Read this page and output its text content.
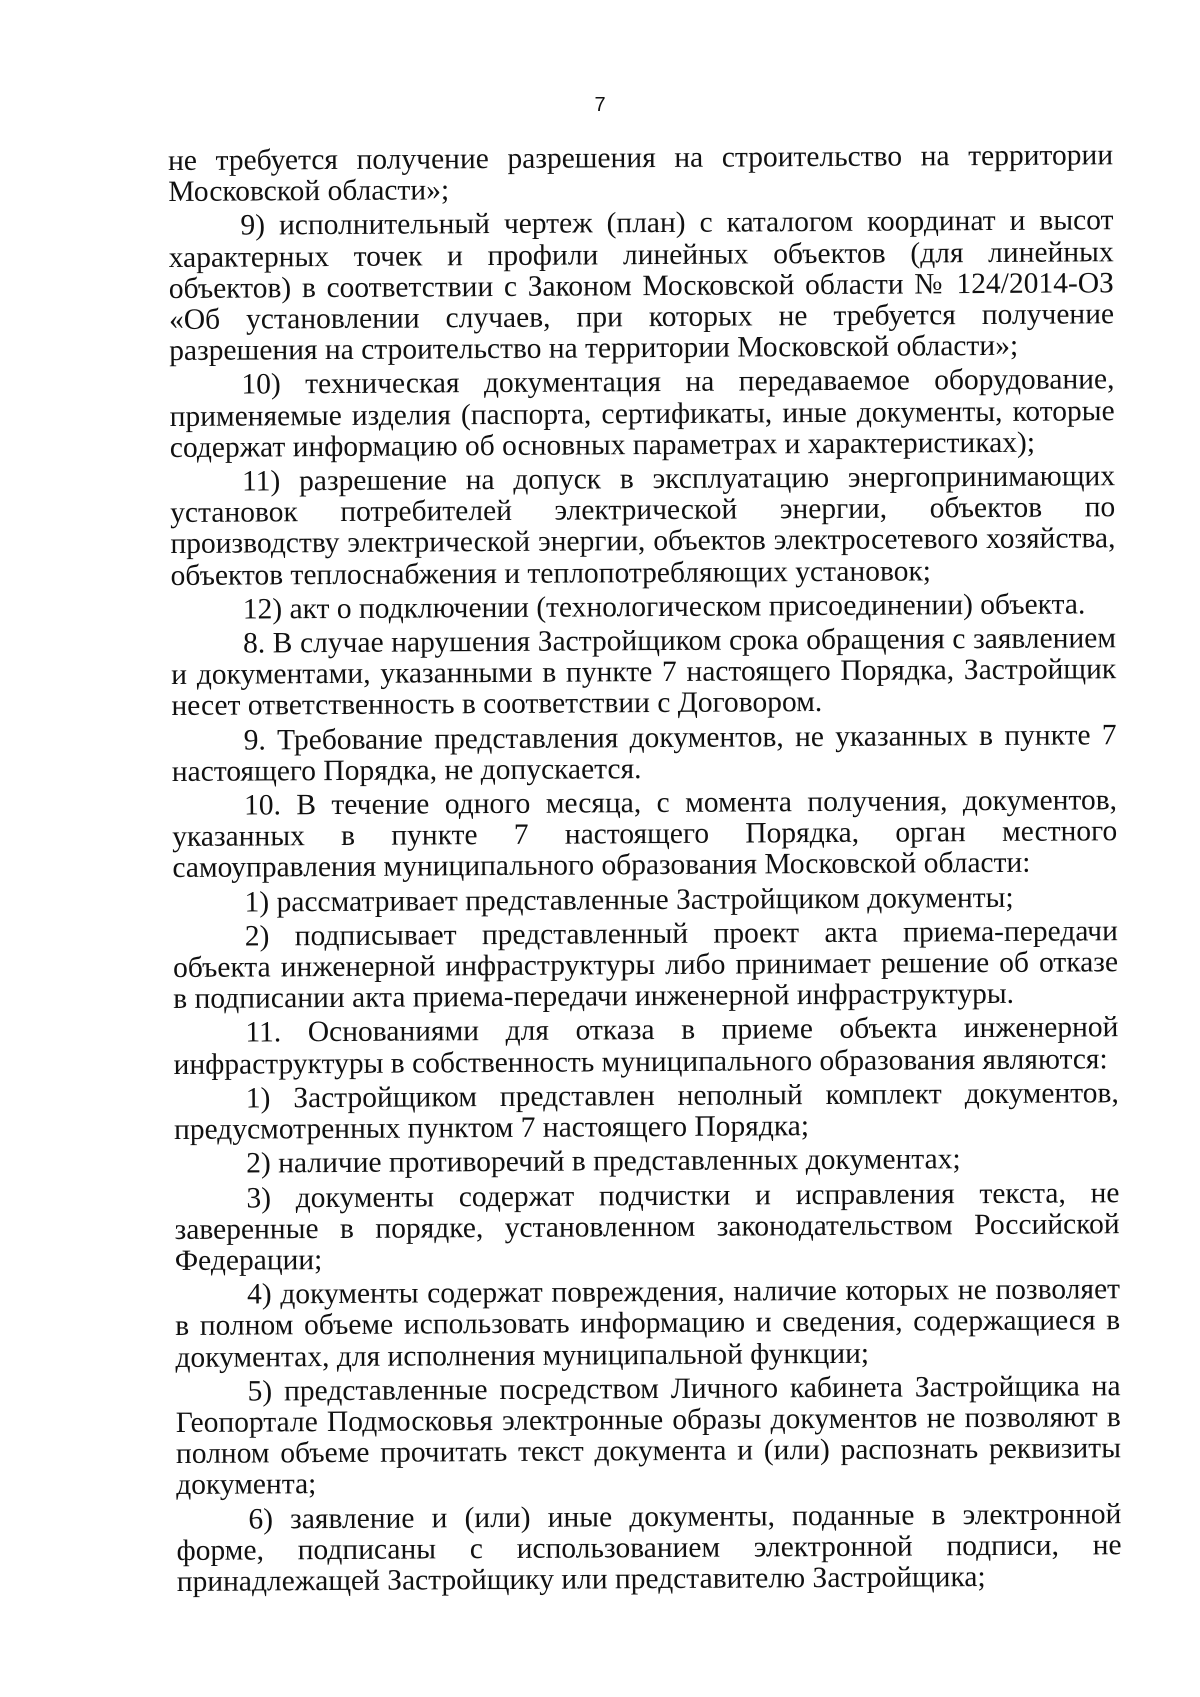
7

не требуется получение разрешения на строительство на территории Московской области»;

9) исполнительный чертеж (план) с каталогом координат и высот характерных точек и профили линейных объектов (для линейных объектов) в соответствии с Законом Московской области № 124/2014-ОЗ «Об установлении случаев, при которых не требуется получение разрешения на строительство на территории Московской области»;

10) техническая документация на передаваемое оборудование, применяемые изделия (паспорта, сертификаты, иные документы, которые содержат информацию об основных параметрах и характеристиках);

11) разрешение на допуск в эксплуатацию энергопринимающих установок потребителей электрической энергии, объектов по производству электрической энергии, объектов электросетевого хозяйства, объектов теплоснабжения и теплопотребляющих установок;

12) акт о подключении (технологическом присоединении) объекта.

8. В случае нарушения Застройщиком срока обращения с заявлением и документами, указанными в пункте 7 настоящего Порядка, Застройщик несет ответственность в соответствии с Договором.

9. Требование представления документов, не указанных в пункте 7 настоящего Порядка, не допускается.

10. В течение одного месяца, с момента получения, документов, указанных в пункте 7 настоящего Порядка, орган местного самоуправления муниципального образования Московской области:

1) рассматривает представленные Застройщиком документы;

2) подписывает представленный проект акта приема-передачи объекта инженерной инфраструктуры либо принимает решение об отказе в подписании акта приема-передачи инженерной инфраструктуры.

11. Основаниями для отказа в приеме объекта инженерной инфраструктуры в собственность муниципального образования являются:

1) Застройщиком представлен неполный комплект документов, предусмотренных пунктом 7 настоящего Порядка;

2) наличие противоречий в представленных документах;

3) документы содержат подчистки и исправления текста, не заверенные в порядке, установленном законодательством Российской Федерации;

4) документы содержат повреждения, наличие которых не позволяет в полном объеме использовать информацию и сведения, содержащиеся в документах, для исполнения муниципальной функции;

5) представленные посредством Личного кабинета Застройщика на Геопортале Подмосковья электронные образы документов не позволяют в полном объеме прочитать текст документа и (или) распознать реквизиты документа;

6) заявление и (или) иные документы, поданные в электронной форме, подписаны с использованием электронной подписи, не принадлежащей Застройщику или представителю Застройщика;
